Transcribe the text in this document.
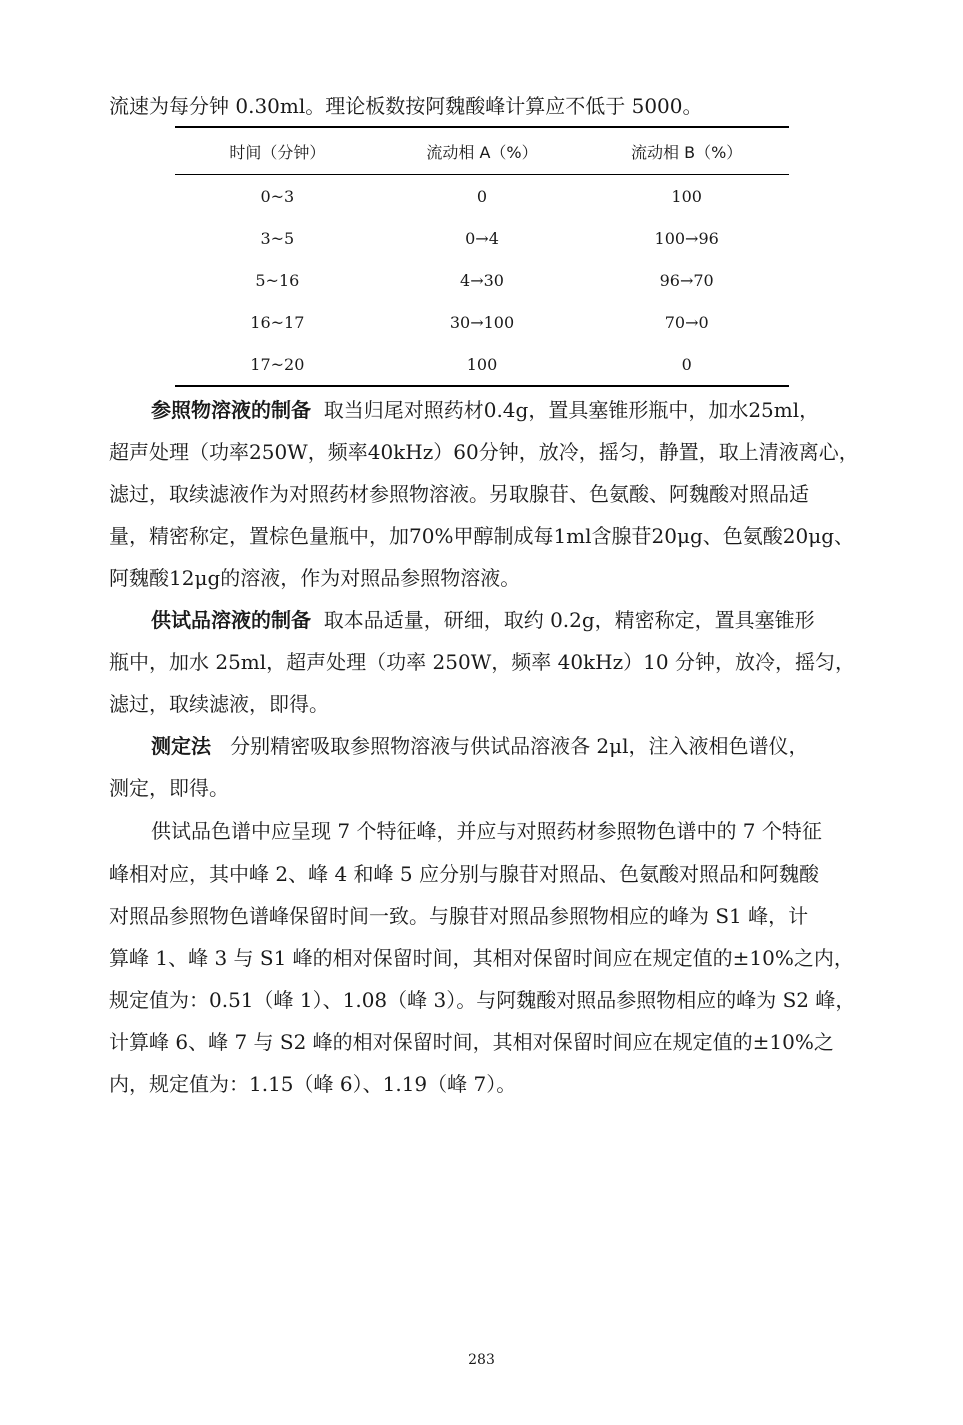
流速为每分钟 0.30ml。理论板数按阿魏酸峰计算应不低于 5000。
时间（分钟）	流动相 A（%）	流动相 B（%）
0~3	0	100
3~5	0→4	100→96
5~16	4→30	96→70
16~17	30→100	70→0
17~20	100	0
参照物溶液的制备 取当归尾对照药材0.4g，置具塞锥形瓶中，加水25ml，
超声处理（功率250W，频率40kHz）60分钟，放冷，摇匀，静置，取上清液离心，
滤过，取续滤液作为对照药材参照物溶液。另取腺苷、色氨酸、阿魏酸对照品适
量，精密称定，置棕色量瓶中，加70%甲醇制成每1ml含腺苷20μg、色氨酸20μg、
阿魏酸12μg的溶液，作为对照品参照物溶液。
供试品溶液的制备 取本品适量，研细，取约 0.2g，精密称定，置具塞锥形
瓶中，加水 25ml，超声处理（功率 250W，频率 40kHz）10 分钟，放冷，摇匀，
滤过，取续滤液，即得。
测定法 分别精密吸取参照物溶液与供试品溶液各 2μl，注入液相色谱仪，
测定，即得。
供试品色谱中应呈现 7 个特征峰，并应与对照药材参照物色谱中的 7 个特征
峰相对应，其中峰 2、峰 4 和峰 5 应分别与腺苷对照品、色氨酸对照品和阿魏酸
对照品参照物色谱峰保留时间一致。与腺苷对照品参照物相应的峰为 S1 峰，计
算峰 1、峰 3 与 S1 峰的相对保留时间，其相对保留时间应在规定值的±10%之内，
规定值为：0.51（峰 1）、1.08（峰 3）。与阿魏酸对照品参照物相应的峰为 S2 峰，
计算峰 6、峰 7 与 S2 峰的相对保留时间，其相对保留时间应在规定值的±10%之
内，规定值为：1.15（峰 6）、1.19（峰 7）。
283
